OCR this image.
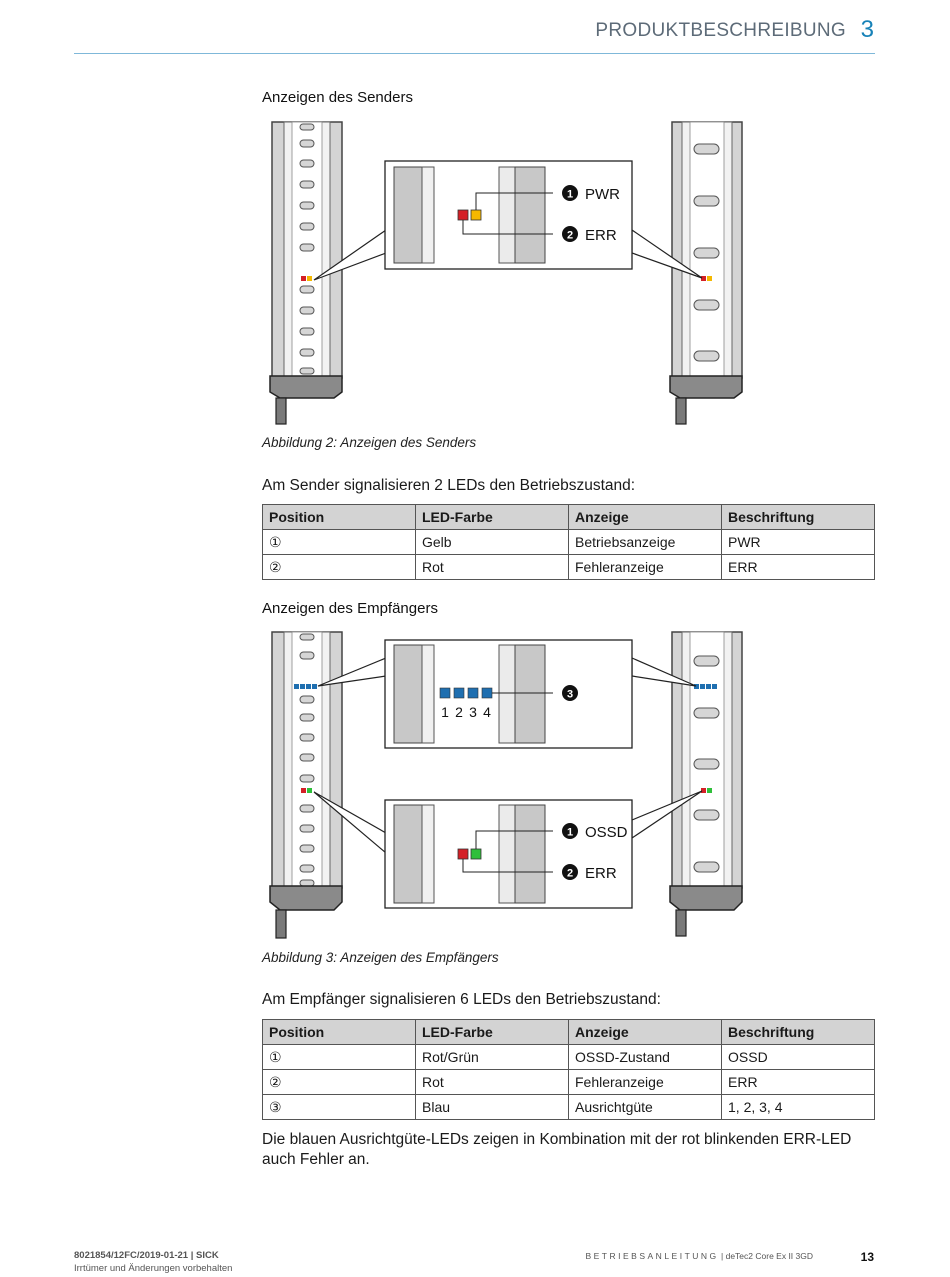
PRODUKTBESCHREIBUNG 3
Anzeigen des Senders
1 PWR
2 ERR
Abbildung 2: Anzeigen des Senders
Am Sender signalisieren 2 LEDs den Betriebszustand:
Position	LED-Farbe	Anzeige	Beschriftung
①	Gelb	Betriebsanzeige	PWR
②	Rot	Fehleranzeige	ERR
Anzeigen des Empfängers
1 2 3 4
3
1 OSSD
2 ERR
Abbildung 3: Anzeigen des Empfängers
Am Empfänger signalisieren 6 LEDs den Betriebszustand:
Position	LED-Farbe	Anzeige	Beschriftung
①	Rot/Grün	OSSD-Zustand	OSSD
②	Rot	Fehleranzeige	ERR
③	Blau	Ausrichtgüte	1, 2, 3, 4
Die blauen Ausrichtgüte-LEDs zeigen in Kombination mit der rot blinkenden ERR-LED auch Fehler an.
8021854/12FC/2019-01-21 | SICK
Irrtümer und Änderungen vorbehalten
BETRIEBSANLEITUNG | deTec2 Core Ex II 3GD	13
